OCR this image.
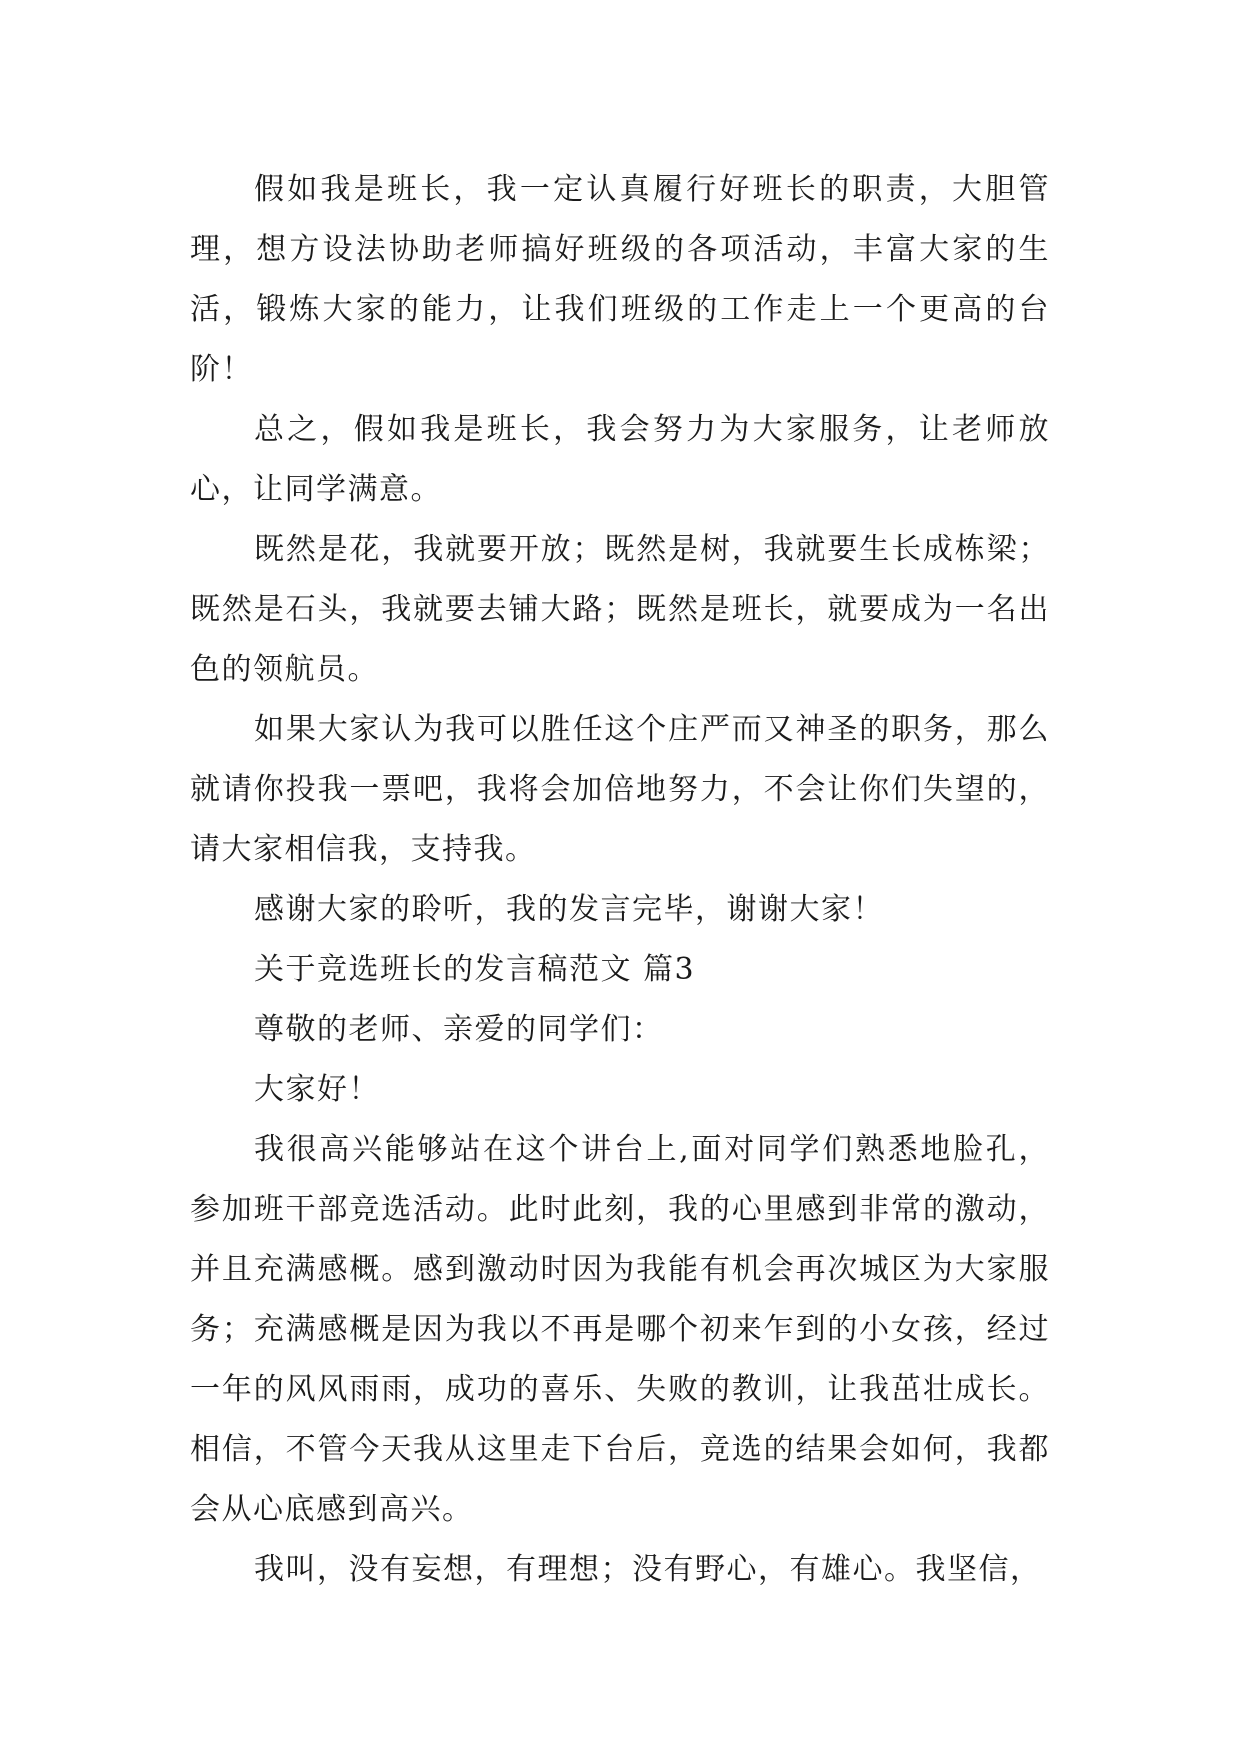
假如我是班长，我一定认真履行好班长的职责，大胆管理，想方设法协助老师搞好班级的各项活动，丰富大家的生活，锻炼大家的能力，让我们班级的工作走上一个更高的台阶！

总之，假如我是班长，我会努力为大家服务，让老师放心，让同学满意。

既然是花，我就要开放；既然是树，我就要生长成栋梁；既然是石头，我就要去铺大路；既然是班长，就要成为一名出色的领航员。

如果大家认为我可以胜任这个庄严而又神圣的职务，那么就请你投我一票吧，我将会加倍地努力，不会让你们失望的，请大家相信我，支持我。

感谢大家的聆听，我的发言完毕，谢谢大家！

关于竞选班长的发言稿范文 篇3

尊敬的老师、亲爱的同学们：

大家好！

我很高兴能够站在这个讲台上,面对同学们熟悉地脸孔，参加班干部竞选活动。此时此刻，我的心里感到非常的激动，并且充满感概。感到激动时因为我能有机会再次城区为大家服务；充满感概是因为我以不再是哪个初来乍到的小女孩，经过一年的风风雨雨，成功的喜乐、失败的教训，让我茁壮成长。相信，不管今天我从这里走下台后，竞选的结果会如何，我都会从心底感到高兴。

我叫，没有妄想，有理想；没有野心，有雄心。我坚信，
